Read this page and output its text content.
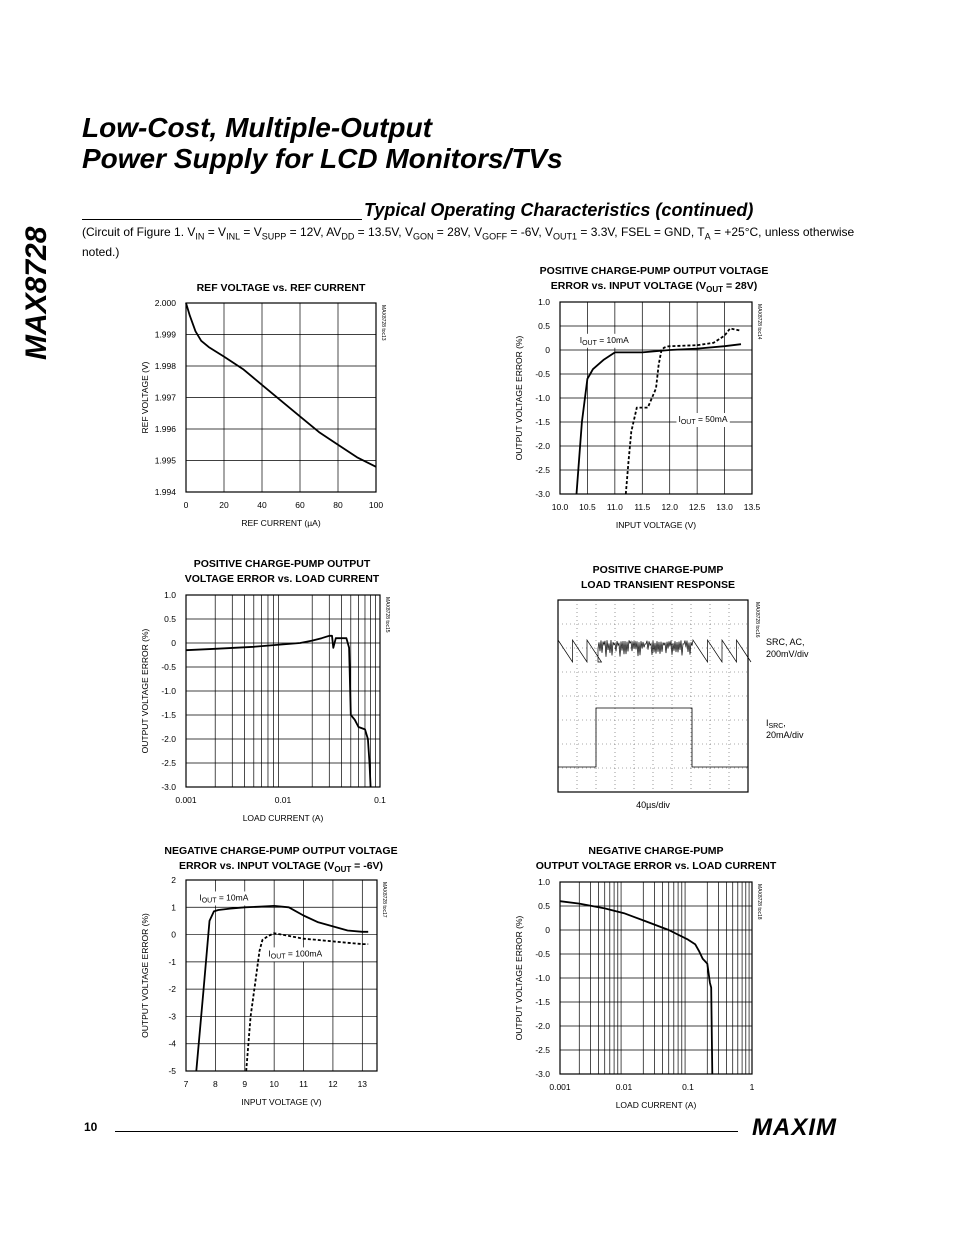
MAX8728
Low-Cost, Multiple-Output
Power Supply for LCD Monitors/TVs
Typical Operating Characteristics (continued)
(Circuit of Figure 1. $V_{IN} = V_{INL} = V_{SUPP} = 12V$, $AV_{DD} = 13.5V$, $V_{GON} = 28V$, $V_{GOFF} = -6V$, $V_{OUT1} = 3.3V$, FSEL = GND, $T_A = +25^\circ C$, unless otherwise noted.)
0	20	40	60	80	100
1.994
1.995
1.996
1.997
1.998
1.999
2.000
REF CURRENT (µA)
REF VOLTAGE (V)
MAX8728 toc13
10.0 10.5 11.0 11.5 12.0 12.5 13.0 13.5
-3.0
-2.5
-2.0
-1.5
-1.0
-0.5
0
0.5
1.0
INPUT VOLTAGE (V)
OUTPUT VOLTAGE ERROR (%)
MAX8728 toc14
$I_{OUT} = 10mA$
$I_{OUT} = 50mA$
0.001	0.01	0.1
-3.0
-2.5
-2.0
-1.5
-1.0
-0.5
0
0.5
1.0
LOAD CURRENT (A)
OUTPUT VOLTAGE ERROR (%)
MAX8728 toc15
SRC, AC,
200mV/div
$I_{SRC}$,
20mA/div
40µs/div
MAX8728 toc16
7	8	9	10 11 12 13
-5
-4
-3
-2
-1
0
1
2
INPUT VOLTAGE (V)
OUTPUT VOLTAGE ERROR (%)
MAX8728 toc17
$I_{OUT} = 10mA$
$I_{OUT} = 100mA$
0.001	0.01	0.1	1
-3.0
-2.5
-2.0
-1.5
-1.0
-0.5
0
0.5
1.0
LOAD CURRENT (A)
OUTPUT VOLTAGE ERROR (%)
MAX8728 toc18
REF VOLTAGE vs. REF CURRENT
POSITIVE CHARGE-PUMP OUTPUT VOLTAGE
ERROR vs. INPUT VOLTAGE $(V_{OUT} = 28V)$
POSITIVE CHARGE-PUMP OUTPUT
VOLTAGE ERROR vs. LOAD CURRENT
POSITIVE CHARGE-PUMP
LOAD TRANSIENT RESPONSE
NEGATIVE CHARGE-PUMP OUTPUT VOLTAGE
ERROR vs. INPUT VOLTAGE $(V_{OUT} = -6V)$
NEGATIVE CHARGE-PUMP
OUTPUT VOLTAGE ERROR vs. LOAD CURRENT
10	MAXIM
